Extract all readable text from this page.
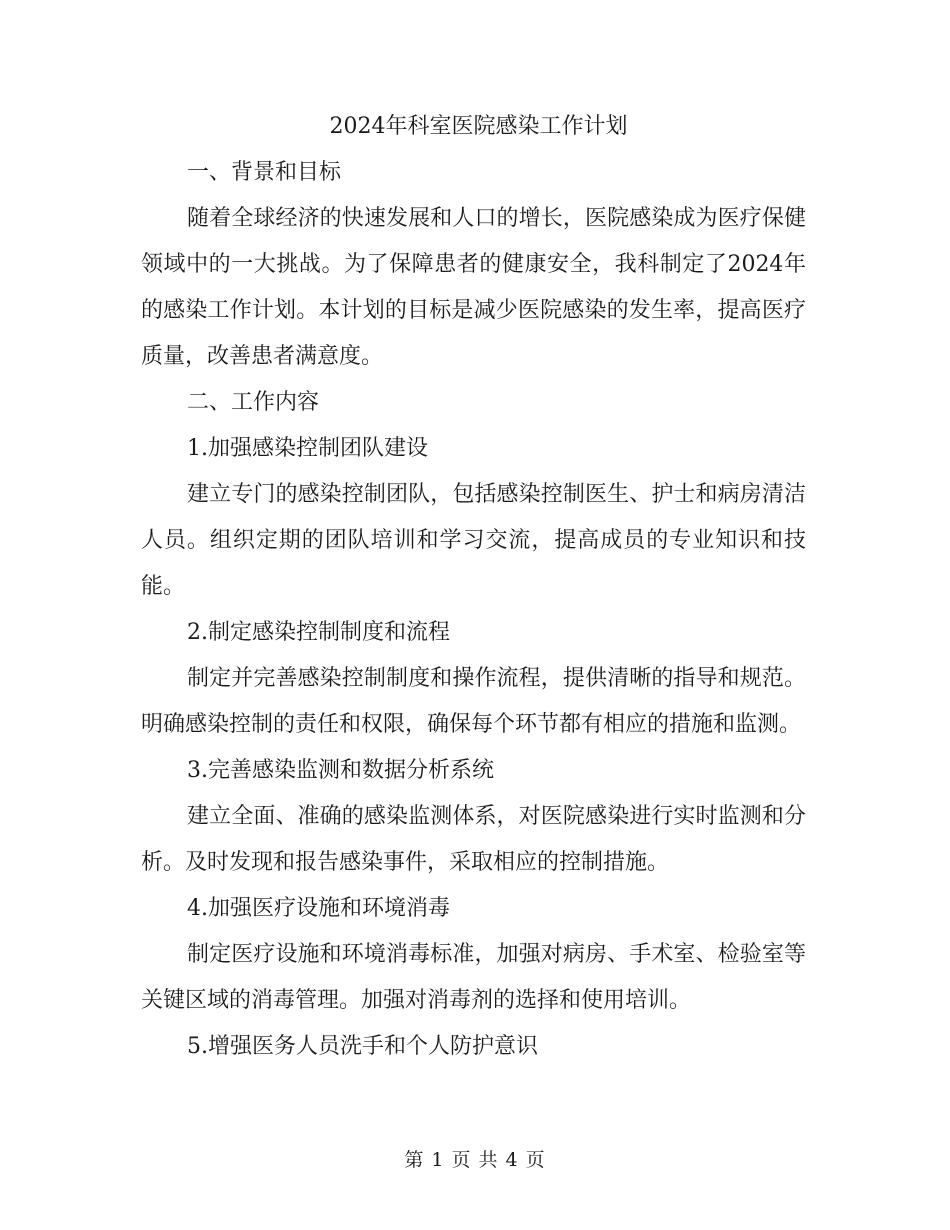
2024年科室医院感染工作计划

一、背景和目标

随着全球经济的快速发展和人口的增长，医院感染成为医疗保健领域中的一大挑战。为了保障患者的健康安全，我科制定了2024年的感染工作计划。本计划的目标是减少医院感染的发生率，提高医疗质量，改善患者满意度。

二、工作内容

1.加强感染控制团队建设

建立专门的感染控制团队，包括感染控制医生、护士和病房清洁人员。组织定期的团队培训和学习交流，提高成员的专业知识和技能。

2.制定感染控制制度和流程

制定并完善感染控制制度和操作流程，提供清晰的指导和规范。明确感染控制的责任和权限，确保每个环节都有相应的措施和监测。

3.完善感染监测和数据分析系统

建立全面、准确的感染监测体系，对医院感染进行实时监测和分析。及时发现和报告感染事件，采取相应的控制措施。

4.加强医疗设施和环境消毒

制定医疗设施和环境消毒标准，加强对病房、手术室、检验室等关键区域的消毒管理。加强对消毒剂的选择和使用培训。

5.增强医务人员洗手和个人防护意识

第 1 页 共 4 页
